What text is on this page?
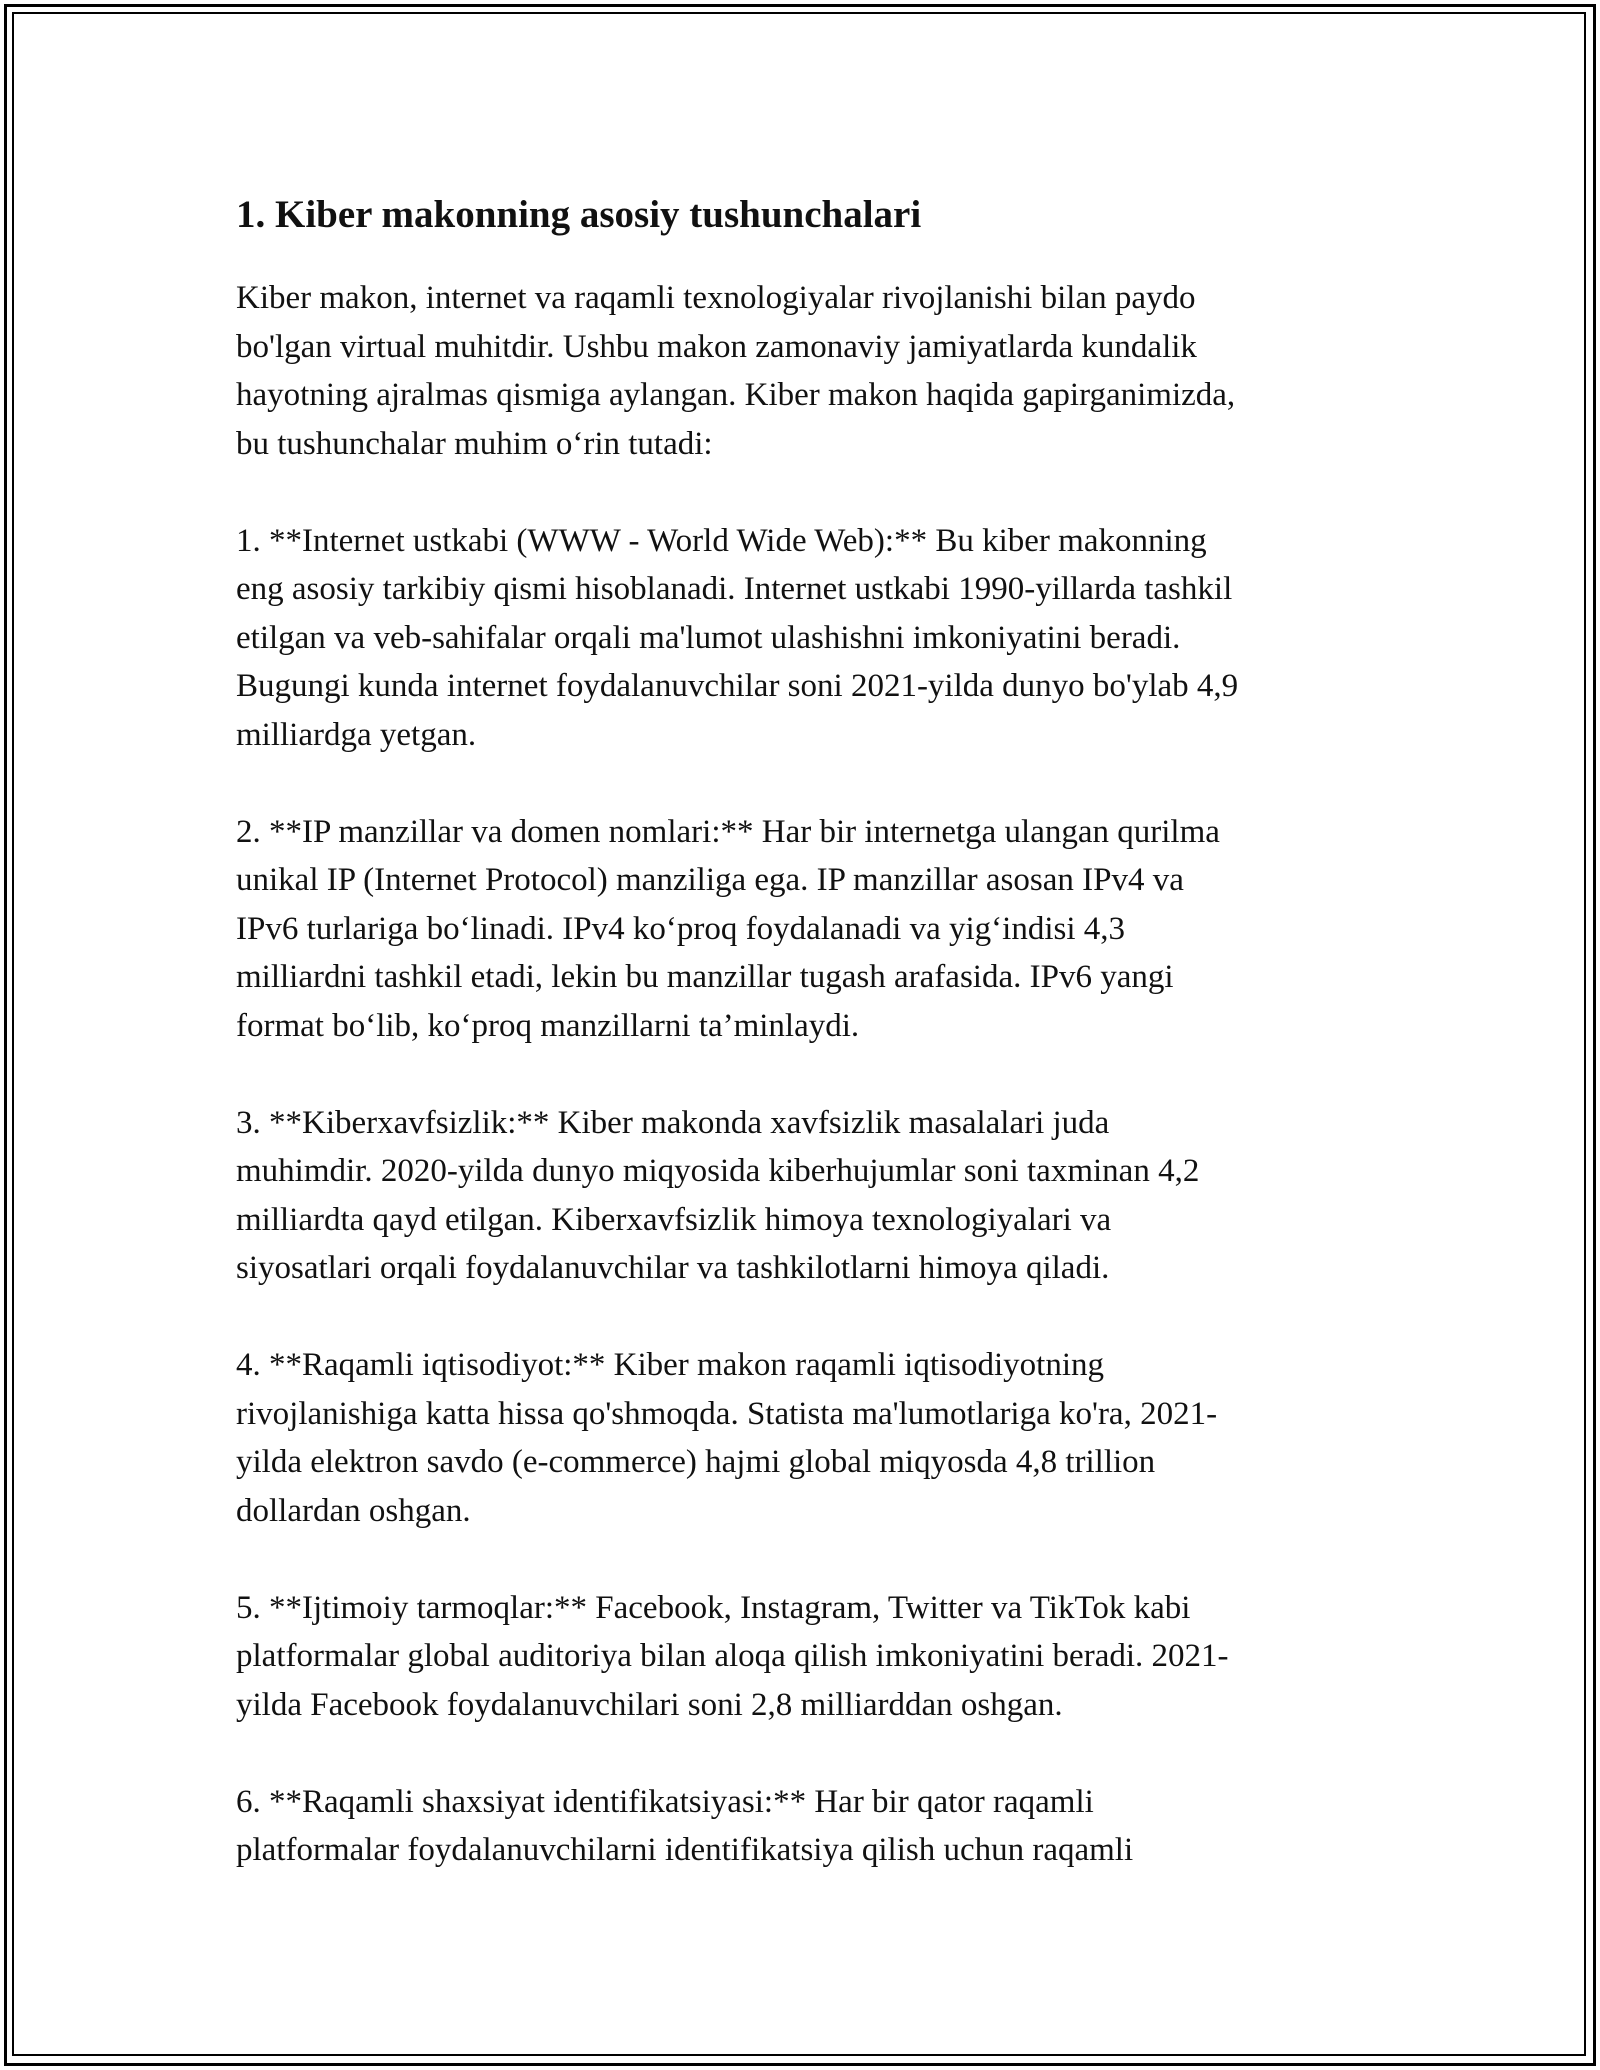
1. Kiber makonning asosiy tushunchalari

Kiber makon, internet va raqamli texnologiyalar rivojlanishi bilan paydo
bo'lgan virtual muhitdir. Ushbu makon zamonaviy jamiyatlarda kundalik
hayotning ajralmas qismiga aylangan. Kiber makon haqida gapirganimizda,
bu tushunchalar muhim oʻrin tutadi:

1. **Internet ustkabi (WWW - World Wide Web):** Bu kiber makonning
eng asosiy tarkibiy qismi hisoblanadi. Internet ustkabi 1990-yillarda tashkil
etilgan va veb-sahifalar orqali ma'lumot ulashishni imkoniyatini beradi.
Bugungi kunda internet foydalanuvchilar soni 2021-yilda dunyo bo'ylab 4,9
milliardga yetgan.

2. **IP manzillar va domen nomlari:** Har bir internetga ulangan qurilma
unikal IP (Internet Protocol) manziliga ega. IP manzillar asosan IPv4 va
IPv6 turlariga boʻlinadi. IPv4 koʻproq foydalanadi va yigʻindisi 4,3
milliardni tashkil etadi, lekin bu manzillar tugash arafasida. IPv6 yangi
format boʻlib, koʻproq manzillarni ta’minlaydi.

3. **Kiberxavfsizlik:** Kiber makonda xavfsizlik masalalari juda
muhimdir. 2020-yilda dunyo miqyosida kiberhujumlar soni taxminan 4,2
milliardta qayd etilgan. Kiberxavfsizlik himoya texnologiyalari va
siyosatlari orqali foydalanuvchilar va tashkilotlarni himoya qiladi.

4. **Raqamli iqtisodiyot:** Kiber makon raqamli iqtisodiyotning
rivojlanishiga katta hissa qo'shmoqda. Statista ma'lumotlariga ko'ra, 2021-
yilda elektron savdo (e-commerce) hajmi global miqyosda 4,8 trillion
dollardan oshgan.

5. **Ijtimoiy tarmoqlar:** Facebook, Instagram, Twitter va TikTok kabi
platformalar global auditoriya bilan aloqa qilish imkoniyatini beradi. 2021-
yilda Facebook foydalanuvchilari soni 2,8 milliarddan oshgan.

6. **Raqamli shaxsiyat identifikatsiyasi:** Har bir qator raqamli
platformalar foydalanuvchilarni identifikatsiya qilish uchun raqamli
